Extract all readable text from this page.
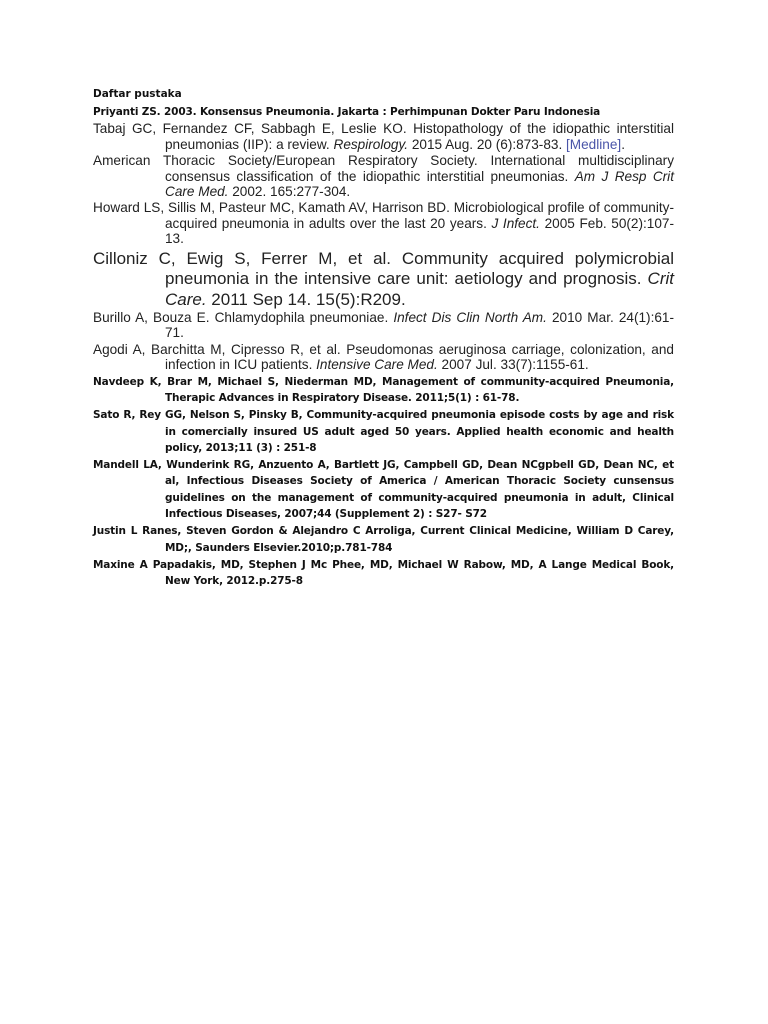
Daftar pustaka

Priyanti ZS. 2003. Konsensus Pneumonia. Jakarta : Perhimpunan Dokter Paru Indonesia

Tabaj GC, Fernandez CF, Sabbagh E, Leslie KO. Histopathology of the idiopathic interstitial pneumonias (IIP): a review. Respirology. 2015 Aug. 20 (6):873-83. [Medline].

American Thoracic Society/European Respiratory Society. International multidisciplinary consensus classification of the idiopathic interstitial pneumonias. Am J Resp Crit Care Med. 2002. 165:277-304.

Howard LS, Sillis M, Pasteur MC, Kamath AV, Harrison BD. Microbiological profile of community-acquired pneumonia in adults over the last 20 years. J Infect. 2005 Feb. 50(2):107-13.

Cilloniz C, Ewig S, Ferrer M, et al. Community acquired polymicrobial pneumonia in the intensive care unit: aetiology and prognosis. Crit Care. 2011 Sep 14. 15(5):R209.

Burillo A, Bouza E. Chlamydophila pneumoniae. Infect Dis Clin North Am. 2010 Mar. 24(1):61-71.

Agodi A, Barchitta M, Cipresso R, et al. Pseudomonas aeruginosa carriage, colonization, and infection in ICU patients. Intensive Care Med. 2007 Jul. 33(7):1155-61.

Navdeep K, Brar M, Michael S, Niederman MD, Management of community-acquired Pneumonia, Therapic Advances in Respiratory Disease. 2011;5(1) : 61-78.

Sato R, Rey GG, Nelson S, Pinsky B, Community-acquired pneumonia episode costs by age and risk in comercially insured US adult aged 50 years. Applied health economic and health policy, 2013;11 (3) : 251-8

Mandell LA, Wunderink RG, Anzuento A, Bartlett JG, Campbell GD, Dean NCgpbell GD, Dean NC, et al, Infectious Diseases Society of America / American Thoracic Society cunsensus guidelines on the management of community-acquired pneumonia in adult, Clinical Infectious Diseases, 2007;44 (Supplement 2) : S27- S72

Justin L Ranes, Steven Gordon & Alejandro C Arroliga, Current Clinical Medicine, William D Carey, MD;, Saunders Elsevier.2010;p.781-784

Maxine A Papadakis, MD, Stephen J Mc Phee, MD, Michael W Rabow, MD, A Lange Medical Book, New York, 2012.p.275-8
